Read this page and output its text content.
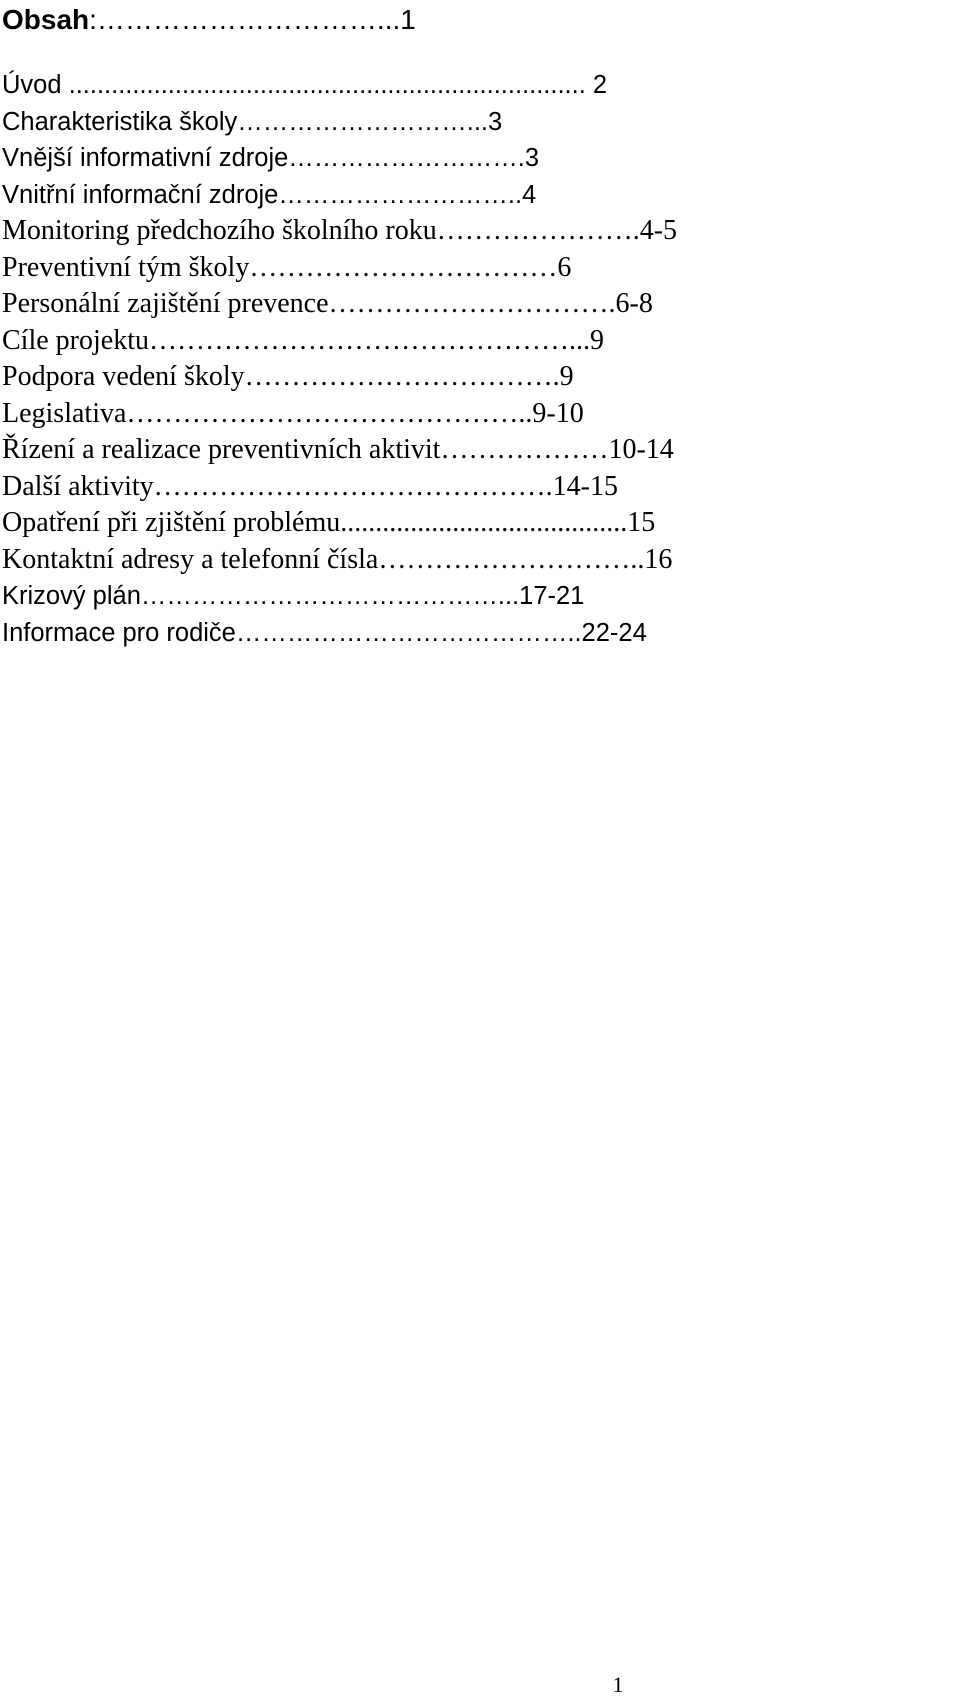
Obsah:…………………………...1
Úvod ......................................................................... 2
Charakteristika školy………………………...3
Vnější informativní zdroje……………………….3
Vnitřní informační zdroje………………………..4
Monitoring předchozího školního roku………………….4-5
Preventivní tým školy……………………………6
Personální zajištění prevence………………………….6-8
Cíle projektu………………………………………...9
Podpora vedení školy…………………………….9
Legislativa……………………………………..9-10
Řízení a realizace preventivních aktivit………………10-14
Další aktivity…………………………………….14-15
Opatření při zjištění problému.........................................15
Kontaktní adresy a telefonní čísla………………………..16
Krizový plán……………………………………...17-21
Informace pro rodiče…………………………………..22-24
1
